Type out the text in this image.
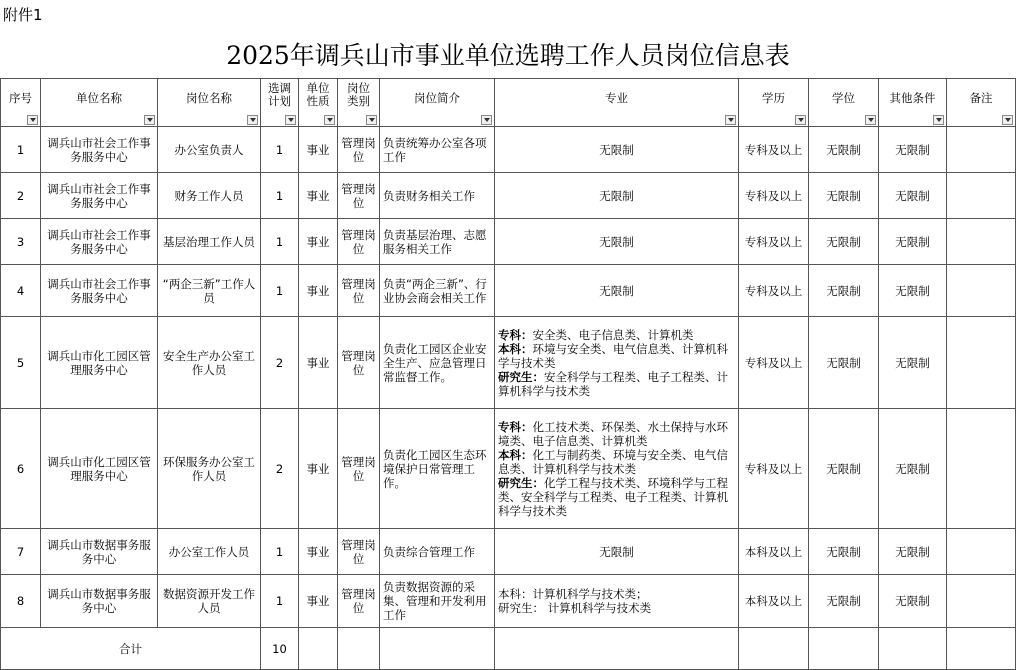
附件1
2025年调兵山市事业单位选聘工作人员岗位信息表
序号	单位名称	岗位名称	选调
计划	单位
性质	岗位
类别	岗位简介	专业	学历	学位	其他条件	备注

1	调兵山市社会工作事务服务中心	办公室负责人	1	事业	管理岗位	负责统筹办公室各项工作	无限制	专科及以上	无限制	无限制	
2	调兵山市社会工作事务服务中心	财务工作人员	1	事业	管理岗位	负责财务相关工作	无限制	专科及以上	无限制	无限制	
3	调兵山市社会工作事务服务中心	基层治理工作人员	1	事业	管理岗位	负责基层治理、志愿服务相关工作	无限制	专科及以上	无限制	无限制	
4	调兵山市社会工作事务服务中心	“两企三新”工作人员	1	事业	管理岗位	负责“两企三新”、行业协会商会相关工作	无限制	专科及以上	无限制	无限制	
5	调兵山市化工园区管理服务中心	安全生产办公室工作人员	2	事业	管理岗位	负责化工园区企业安全生产、应急管理日常监督工作。	专科：安全类、电子信息类、计算机类
本科：环境与安全类、电气信息类、计算机科学与技术类
研究生：安全科学与工程类、电子工程类、计算机科学与技术类	专科及以上	无限制	无限制	
6	调兵山市化工园区管理服务中心	环保服务办公室工作人员	2	事业	管理岗位	负责化工园区生态环境保护日常管理工作。	专科：化工技术类、环保类、水土保持与水环境类、电子信息类、计算机类
本科：化工与制药类、环境与安全类、电气信息类、计算机科学与技术类
研究生：化学工程与技术类、环境科学与工程类、安全科学与工程类、电子工程类、计算机科学与技术类	专科及以上	无限制	无限制	
7	调兵山市数据事务服务中心	办公室工作人员	1	事业	管理岗位	负责综合管理工作	无限制	本科及以上	无限制	无限制	
8	调兵山市数据事务服务中心	数据资源开发工作人员	1	事业	管理岗位	负责数据资源的采集、管理和开发利用工作	本科：计算机科学与技术类；
研究生： 计算机科学与技术类	本科及以上	无限制	无限制	
合计			10								
